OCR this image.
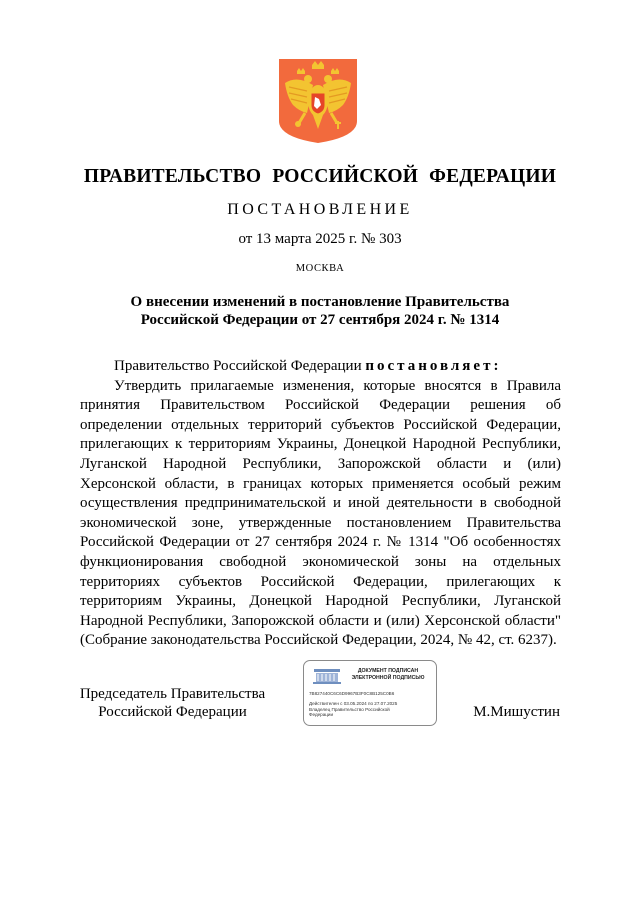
ПРАВИТЕЛЬСТВО РОССИЙСКОЙ ФЕДЕРАЦИИ
ПОСТАНОВЛЕНИЕ
от 13 марта 2025 г. № 303
МОСКВА
О внесении изменений в постановление Правительства
Российской Федерации от 27 сентября 2024 г. № 1314

Правительство Российской Федерации постановляет:

Утвердить прилагаемые изменения, которые вносятся в Правила принятия Правительством Российской Федерации решения об определении отдельных территорий субъектов Российской Федерации, прилегающих к территориям Украины, Донецкой Народной Республики, Луганской Народной Республики, Запорожской области и (или) Херсонской области, в границах которых применяется особый режим осуществления предпринимательской и иной деятельности в свободной экономической зоне, утвержденные постановлением Правительства Российской Федерации от 27 сентября 2024 г. № 1314 "Об особенностях функционирования свободной экономической зоны на отдельных территориях субъектов Российской Федерации, прилегающих к территориям Украины, Донецкой Народной Республики, Луганской Народной Республики, Запорожской области и (или) Херсонской области" (Собрание законодательства Российской Федерации, 2024, № 42, ст. 6237).

Председатель Правительства
Российской Федерации
ДОКУМЕНТ ПОДПИСАН
ЭЛЕКТРОННОЙ ПОДПИСЬЮ
7B827440C6C6D9967B3F0C8B125C0B6
Действителен с 03.05.2024 по 27.07.2025
Владелец Правительство Российской
Федерации	М.Мишустин
